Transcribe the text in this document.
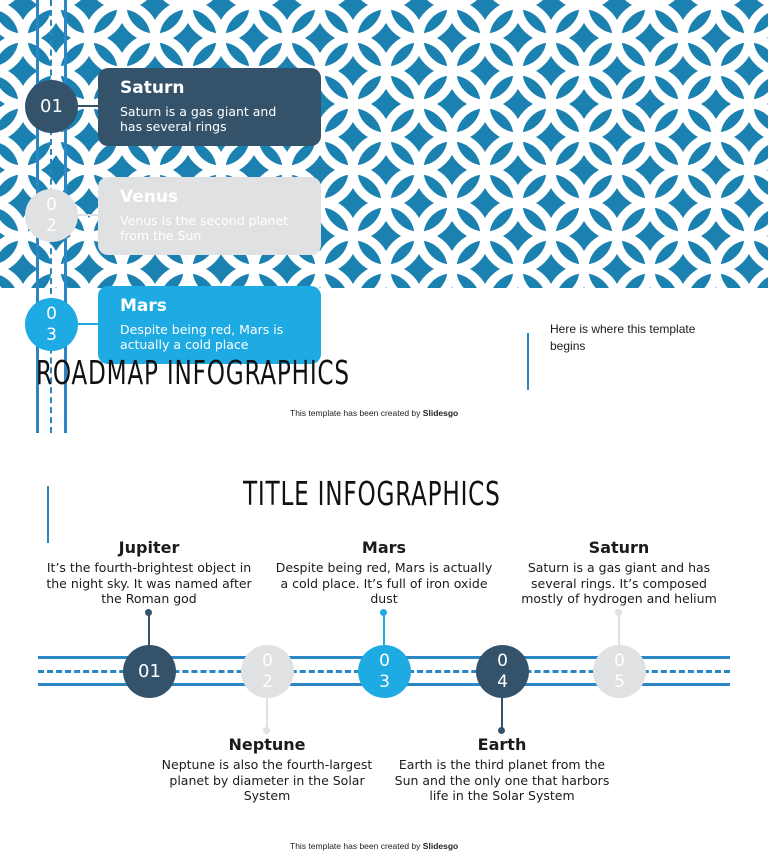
01
0
2
0
3
Saturn

Saturn is a gas giant and has several rings

Venus

Venus is the second planet from the Sun

Mars

Despite being red, Mars is actually a cold place

ROADMAP INFOGRAPHICS
Here is where this template begins
This template has been created by Slidesgo
TITLE INFOGRAPHICS
Jupiter
It’s the fourth-brightest object in the night sky. It was named after the Roman god
01
0
2
Neptune
Neptune is also the fourth-largest planet by diameter in the Solar System
Mars
Despite being red, Mars is actually a cold place. It’s full of iron oxide dust
0
3
0
4
Earth
Earth is the third planet from the Sun and the only one that harbors life in the Solar System
Saturn
Saturn is a gas giant and has several rings. It’s composed mostly of hydrogen and helium
0
5
This template has been created by Slidesgo
